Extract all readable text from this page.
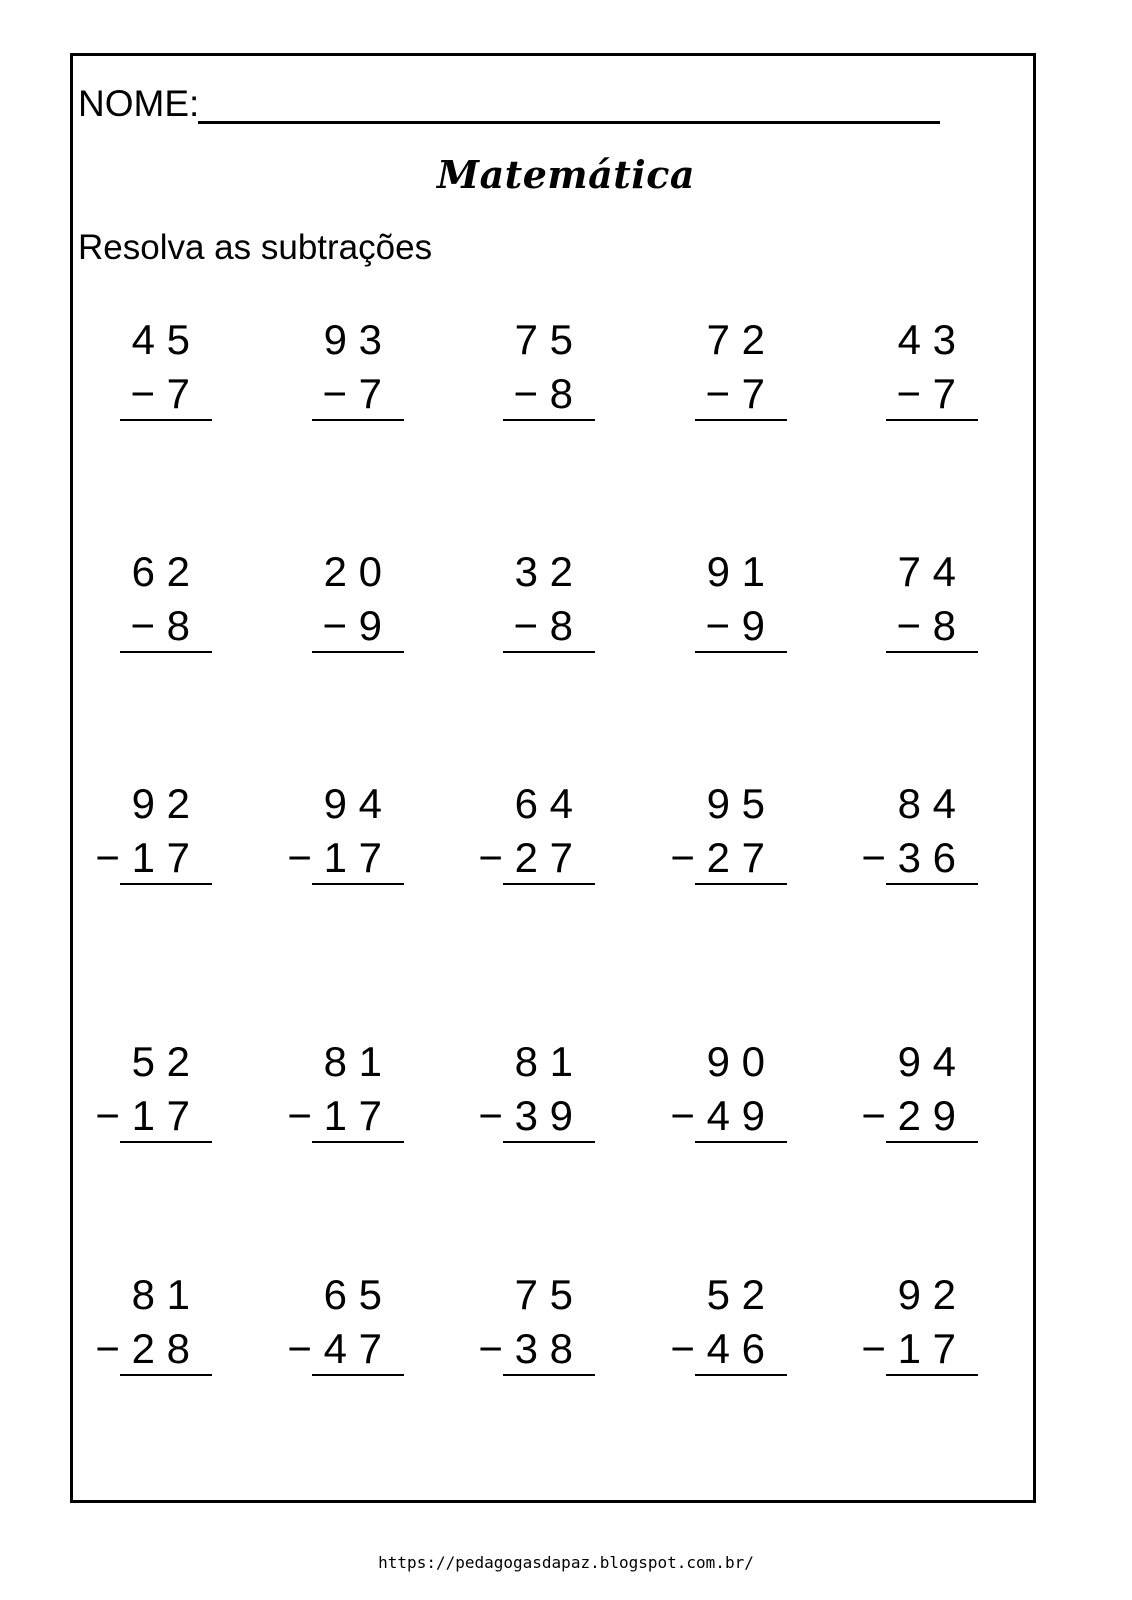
NOME:
Matemática
Resolva as subtrações
4 5
− 7
9 3
− 7
7 5
− 8
7 2
− 7
4 3
− 7
6 2
− 8
2 0
− 9
3 2
− 8
9 1
− 9
7 4
− 8
9 2
− 1 7
9 4
− 1 7
6 4
− 2 7
9 5
− 2 7
8 4
− 3 6
5 2
− 1 7
8 1
− 1 7
8 1
− 3 9
9 0
− 4 9
9 4
− 2 9
8 1
− 2 8
6 5
− 4 7
7 5
− 3 8
5 2
− 4 6
9 2
− 1 7
https://pedagogasdapaz.blogspot.com.br/
